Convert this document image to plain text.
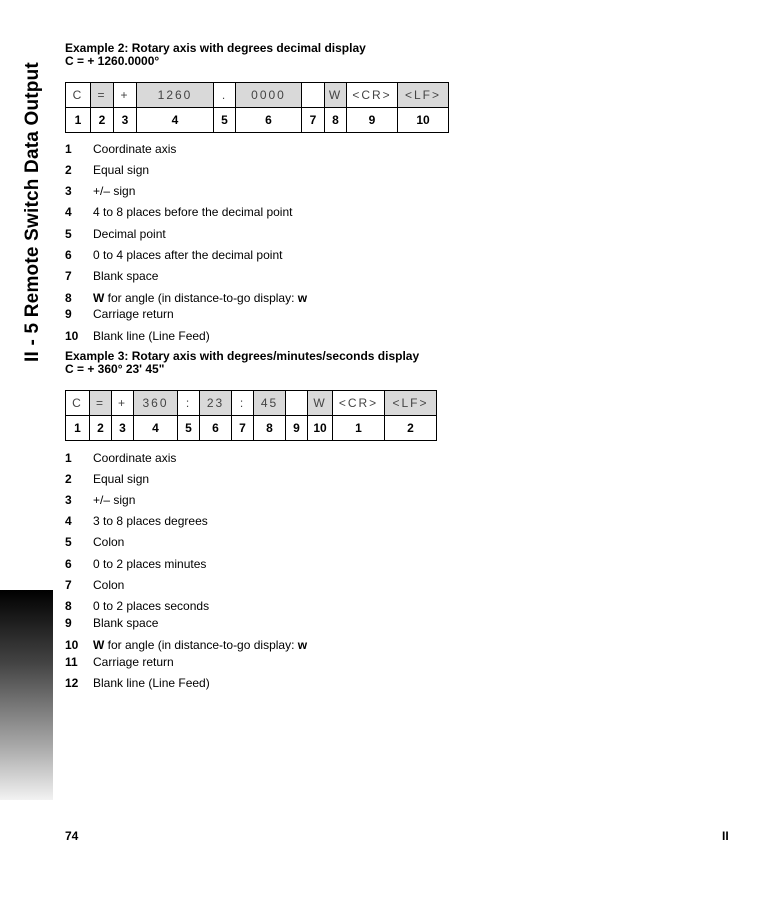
II - 5 Remote Switch Data Output
Example 2: Rotary axis with degrees decimal display
C = + 1260.0000°
C	=	+	1260	.	0000		W	<CR>	<LF>
1	2	3	4	5	6	7	8	9	10
1 Coordinate axis
2 Equal sign
3 +/– sign
4 4 to 8 places before the decimal point
5 Decimal point
6 0 to 4 places after the decimal point
7 Blank space
8 W for angle (in distance-to-go display: w
9 Carriage return
10 Blank line (Line Feed)
Example 3: Rotary axis with degrees/minutes/seconds display
C = + 360° 23' 45"
C	=	+	360	:	23	:	45		W	<CR>	<LF>
1	2	3	4	5	6	7	8	9	10	1	2
1 Coordinate axis
2 Equal sign
3 +/– sign
4 3 to 8 places degrees
5 Colon
6 0 to 2 places minutes
7 Colon
8 0 to 2 places seconds
9 Blank space
10 W for angle (in distance-to-go display: w
11 Carriage return
12 Blank line (Line Feed)
74	II
